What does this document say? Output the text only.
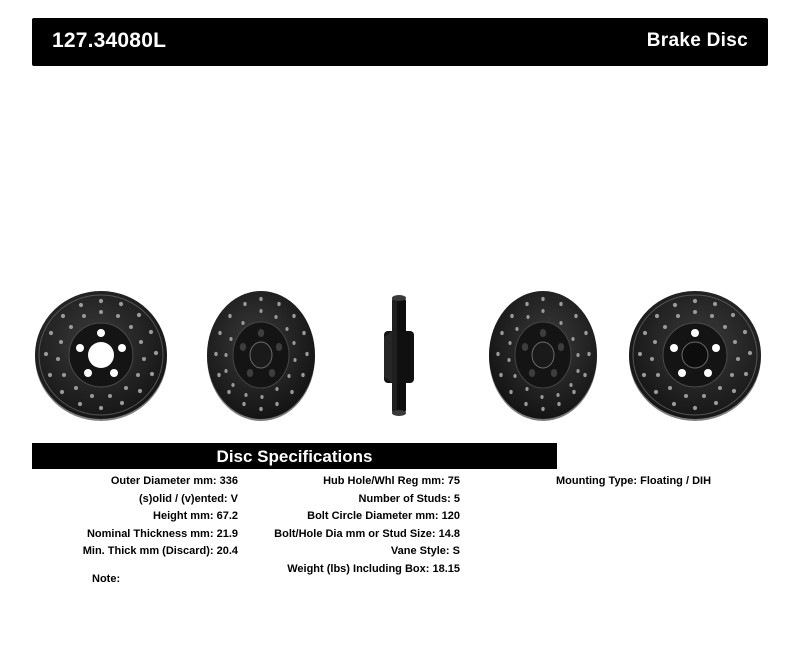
127.34080L	Brake Disc
Disc Specifications
Outer Diameter mm: 336
(s)olid / (v)ented: V
Height mm: 67.2
Nominal Thickness mm: 21.9
Min. Thick mm (Discard): 20.4
Hub Hole/Whl Reg mm: 75
Number of Studs: 5
Bolt Circle Diameter mm: 120
Bolt/Hole Dia mm or Stud Size: 14.8
Vane Style: S
Weight (lbs) Including Box: 18.15
Mounting Type: Floating / DIH
Note:
